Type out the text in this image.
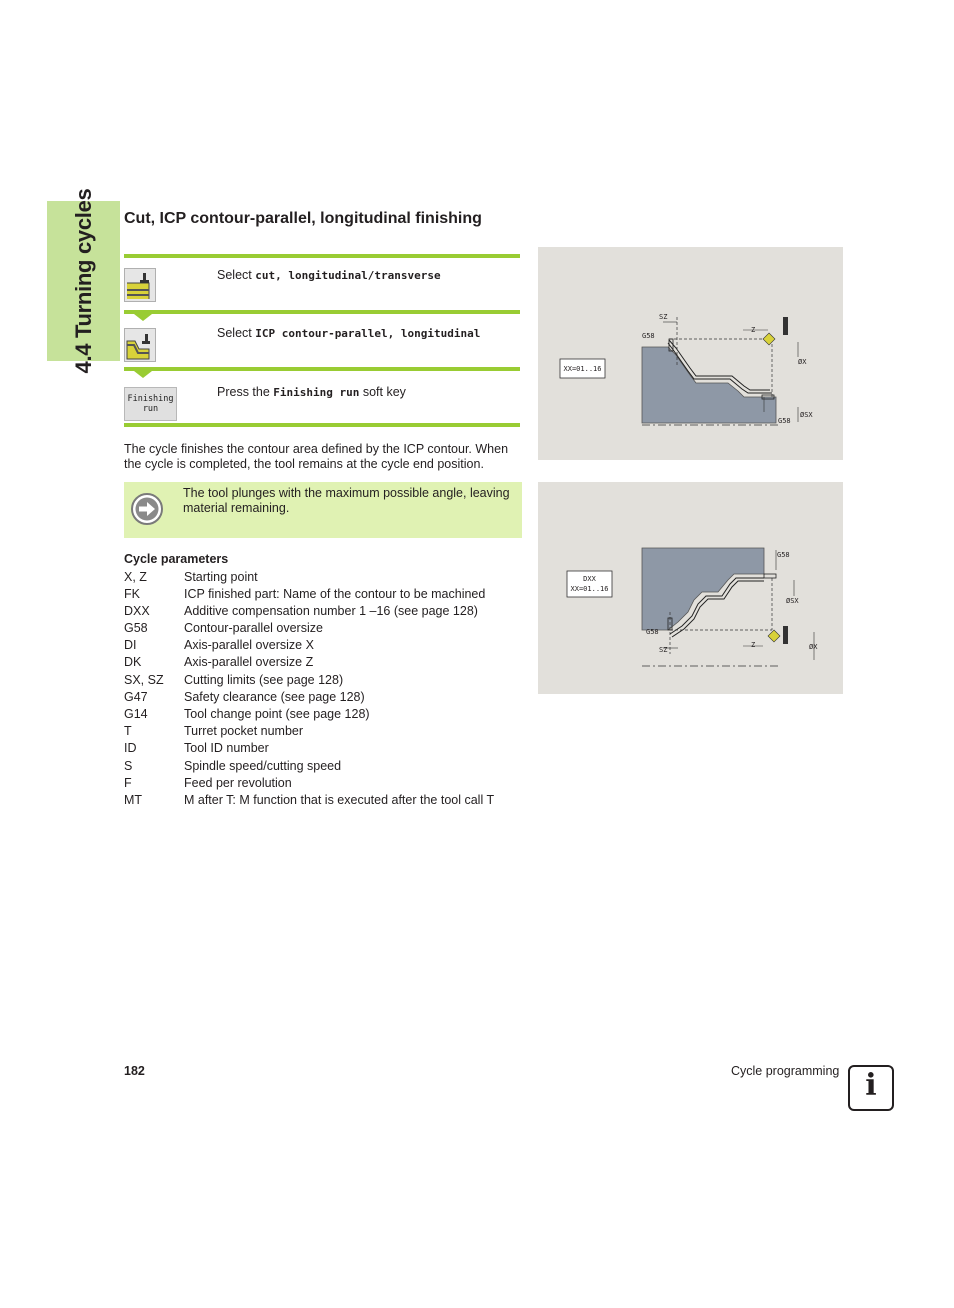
4.4 Turning cycles Cut, ICP contour-parallel, longitudinal finishing
Select cut, longitudinal/transverse
Select ICP contour-parallel, longitudinal
Finishing
run
Press the Finishing run soft key
The cycle finishes the contour area defined by the ICP contour. When the cycle is completed, the tool remains at the cycle end position.
The tool plunges with the maximum possible angle, leaving material remaining.
Cycle parameters
X, Z	Starting point
FK	ICP finished part: Name of the contour to be machined
DXX	Additive compensation number 1 –16 (see page 128)
G58	Contour-parallel oversize
DI	Axis-parallel oversize X
DK	Axis-parallel oversize Z
SX, SZ Cutting limits (see page 128)
G47	Safety clearance (see page 128)
G14	Tool change point (see page 128)
T	Turret pocket number
ID	Tool ID number
S	Spindle speed/cutting speed
F	Feed per revolution
MT	M after T: M function that is executed after the tool call T
XX=01..16
SZ
G58
Z
ØX
ØSX
G58
DXX
XX=01..16
G58
ØSX
G58
Z	ØX
SZ
182	Cycle programming i
